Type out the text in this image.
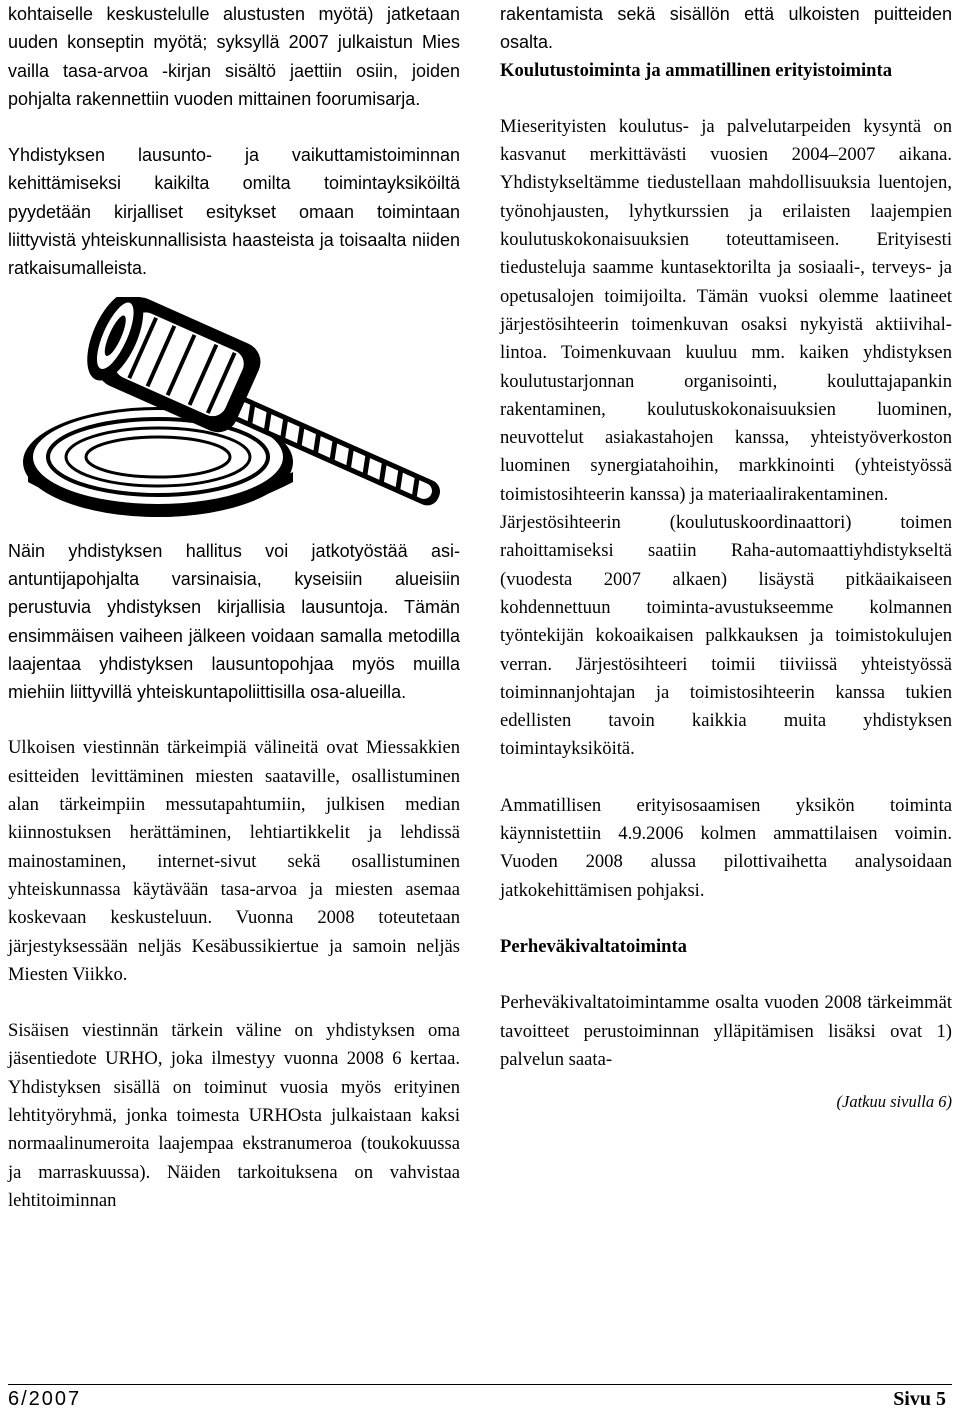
kohtaiselle keskustelulle alustusten myötä) jatketaan uuden konseptin myötä; syksyllä 2007 julkaistun Mies vailla tasa-arvoa -kirjan sisältö jaettiin osiin, joiden pohjalta rakennettiin vuoden mittainen foorumisarja.

Yhdistyksen lausunto- ja vaikuttamistoiminnan kehittämiseksi kaikilta omilta toimintayksiköiltä pyydetään kirjalliset esitykset omaan toimintaan liittyvistä yhteiskunnallisista haasteista ja toisaalta niiden ratkaisumalleista.

Näin yhdistyksen hallitus voi jatkotyöstää asiantuntijapohjalta varsinaisia, kyseisiin alueisiin perustuvia yhdistyksen kirjallisia lausuntoja. Tämän ensimmäisen vaiheen jälkeen voidaan samalla metodilla laajentaa yhdistyksen lausuntopohjaa myös muilla miehiin liittyvillä yhteiskuntapoliittisilla osa-alueilla.

Ulkoisen viestinnän tärkeimpiä välineitä ovat Miessakkien esitteiden levittäminen miesten saataville, osallistuminen alan tärkeimpiin messutapahtumiin, julkisen median kiinnostuksen herättäminen, lehtiartikkelit ja lehdissä mainostaminen, internet-sivut sekä osallistuminen yhteiskunnassa käytävään tasa-arvoa ja miesten asemaa koskevaan keskusteluun. Vuonna 2008 toteutetaan järjestyksessään neljäs Kesäbussikiertue ja samoin neljäs Miesten Viikko.

Sisäisen viestinnän tärkein väline on yhdistyksen oma jäsentiedote URHO, joka ilmestyy vuonna 2008 6 kertaa. Yhdistyksen sisällä on toiminut vuosia myös erityinen lehtityöryhmä, jonka toimesta URHOsta julkaistaan kaksi normaalinumeroita laajempaa ekstranumeroa (toukokuussa ja marraskuussa). Näiden tarkoituksena on vahvistaa lehtitoiminnan

rakentamista sekä sisällön että ulkoisten puitteiden osalta.

Koulutustoiminta ja ammatillinen erityistoiminta

Mieserityisten koulutus- ja palvelutarpeiden kysyntä on kasvanut merkittävästi vuosien 2004–2007 aikana. Yhdistykseltämme tiedustellaan mahdollisuuksia luentojen, työnohjausten, lyhytkurssien ja erilaisten laajempien koulutuskokonaisuuksien toteuttamiseen. Erityisesti tiedusteluja saamme kuntasektorilta ja sosiaali-, terveys- ja opetusalojen toimijoilta. Tämän vuoksi olemme laatineet järjestösihteerin toimenkuvan osaksi nykyistä aktiivihallintoa. Toimenkuvaan kuuluu mm. kaiken yhdistyksen koulutustarjonnan organisointi, kouluttajapankin rakentaminen, koulutuskokonaisuuksien luominen, neuvottelut asiakastahojen kanssa, yhteistyöverkoston luominen synergiatahoihin, markkinointi (yhteistyössä toimistosihteerin kanssa) ja materiaalirakentaminen.

Järjestösihteerin (koulutuskoordinaattori) toimen rahoittamiseksi saatiin Raha-automaattiyhdistykseltä (vuodesta 2007 alkaen) lisäystä pitkäaikaiseen kohdennettuun toiminta-avustukseemme kolmannen työntekijän kokoaikaisen palkkauksen ja toimistokulujen verran. Järjestösihteeri toimii tiiviissä yhteistyössä toiminnanjohtajan ja toimistosihteerin kanssa tukien edellisten tavoin kaikkia muita yhdistyksen toimintayksiköitä.

Ammatillisen erityisosaamisen yksikön toiminta käynnistettiin 4.9.2006 kolmen ammattilaisen voimin. Vuoden 2008 alussa pilottivaihetta analysoidaan jatkokehittämisen pohjaksi.

Perheväkivaltatoiminta

Perheväkivaltatoimintamme osalta vuoden 2008 tärkeimmät tavoitteet perustoiminnan ylläpitämisen lisäksi ovat 1) palvelun saata-

(Jatkuu sivulla 6)

6/2007	Sivu 5
